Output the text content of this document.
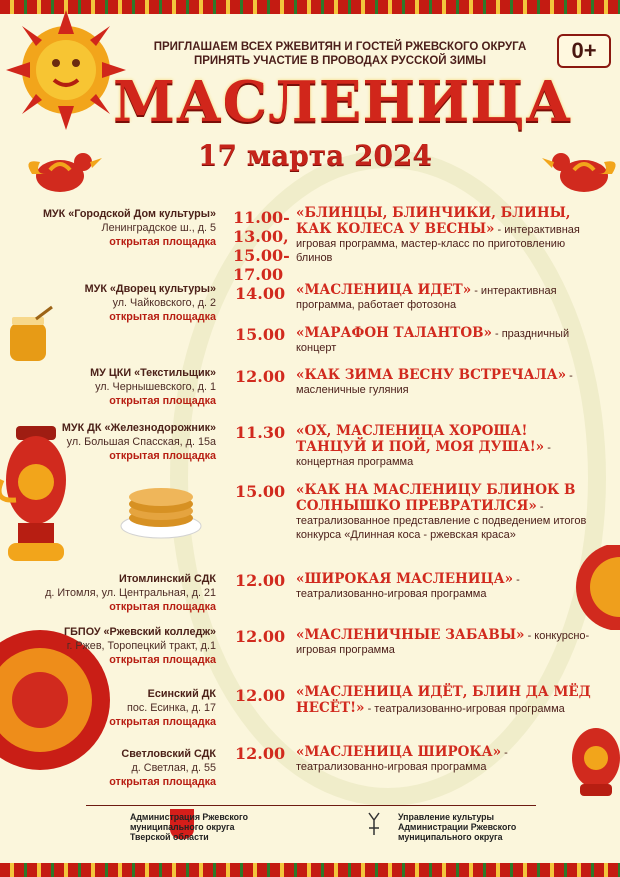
0+
ПРИГЛАШАЕМ ВСЕХ РЖЕВИТЯН И ГОСТЕЙ РЖЕВСКОГО ОКРУГА
ПРИНЯТЬ УЧАСТИЕ В ПРОВОДАХ РУССКОЙ ЗИМЫ
МАСЛЕНИЦА
17 марта 2024
МУК «Городской Дом культуры»
Ленинградское ш., д. 5
открытая площадка
МУК «Дворец культуры»
ул. Чайковского, д. 2
открытая площадка
МУ ЦКИ «Текстильщик»
ул. Чернышевского, д. 1
открытая площадка
МУК ДК «Железнодорожник»
ул. Большая Спасская, д. 15а
открытая площадка
Итомлинский СДК
д. Итомля, ул. Центральная, д. 21
открытая площадка
ГБПОУ «Ржевский колледж»
г. Ржев, Торопецкий тракт, д.1
открытая площадка
Есинский ДК
пос. Есинка, д. 17
открытая площадка
Светловский СДК
д. Светлая, д. 55
открытая площадка
11.00-13.00,
15.00-17.00
14.00
15.00
12.00
11.30
15.00
12.00
12.00
12.00
12.00
«БЛИНЦЫ, БЛИНЧИКИ, БЛИНЫ, КАК КОЛЕСА У ВЕСНЫ» - интерактивная игровая программа, мастер-класс по приготовлению блинов
«МАСЛЕНИЦА ИДЕТ» - интерактивная программа, работает фотозона
«МАРАФОН ТАЛАНТОВ» - праздничный концерт
«КАК ЗИМА ВЕСНУ ВСТРЕЧАЛА» - масленичные гуляния
«ОХ, МАСЛЕНИЦА ХОРОША! ТАНЦУЙ И ПОЙ, МОЯ ДУША!» - концертная программа
«КАК НА МАСЛЕНИЦУ БЛИНОК В СОЛНЫШКО ПРЕВРАТИЛСЯ» - театрализованное представление с подведением итогов конкурса «Длинная коса - ржевская краса»
«ШИРОКАЯ МАСЛЕНИЦА» - театрализованно-игровая программа
«МАСЛЕНИЧНЫЕ ЗАБАВЫ» - конкурсно-игровая программа
«МАСЛЕНИЦА ИДЁТ, БЛИН ДА МЁД НЕСЁТ!» - театрализованно-игровая программа
«МАСЛЕНИЦА ШИРОКА» - театрализованно-игровая программа
Администрация Ржевского
муниципального округа
Тверской области
Управление культуры
Администрации Ржевского
муниципального округа
